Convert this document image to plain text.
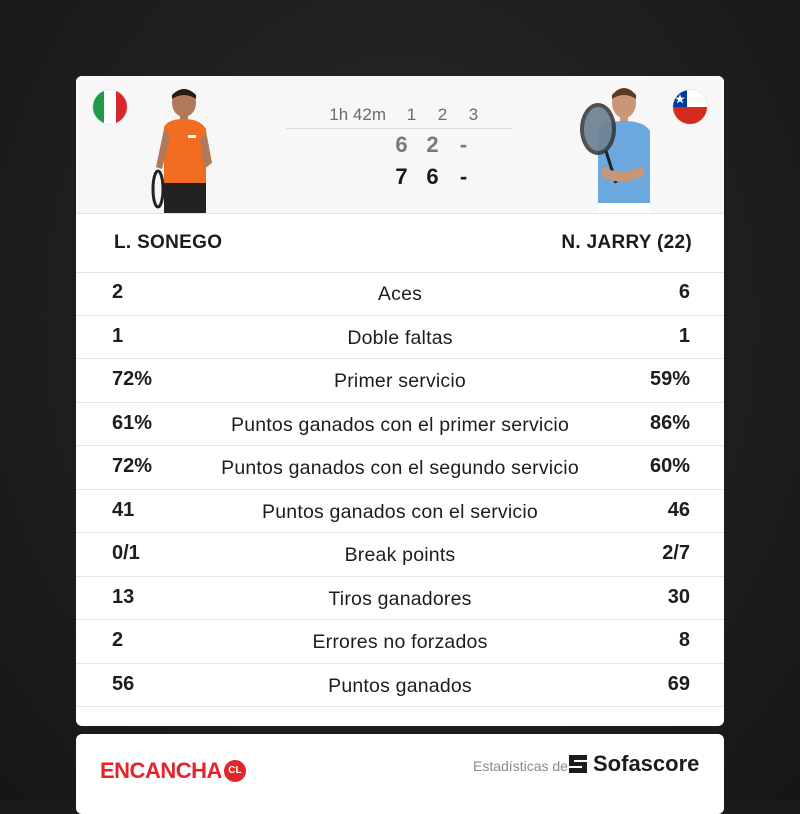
1h 42m	1	2	3
6 2 -
7 6 -
L. SONEGO	N. JARRY (22)
2	Aces	6
1	Doble faltas	1
72%	Primer servicio	59%
61%	Puntos ganados con el primer servicio	86%
72%	Puntos ganados con el segundo servicio	60%
41	Puntos ganados con el servicio	46
0/1	Break points	2/7
13	Tiros ganadores	30
2	Errores no forzados	8
56	Puntos ganados	69
ENCANCHA CL	Estadísticas de Sofascore
